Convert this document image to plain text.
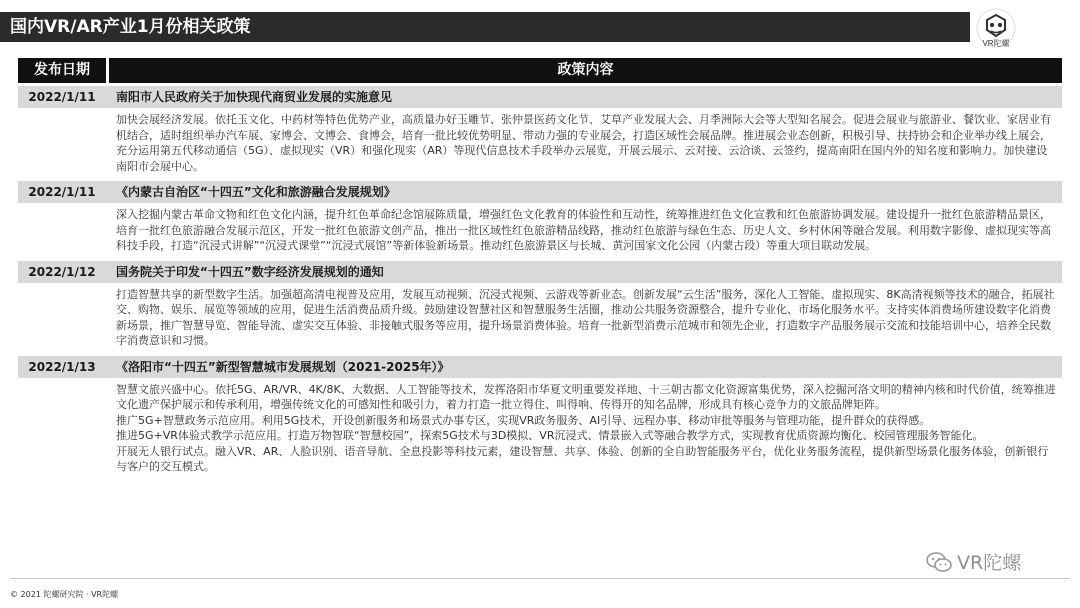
国内VR/AR产业1月份相关政策
VR陀螺
发布日期	政策内容
2022/1/11	南阳市人民政府关于加快现代商贸业发展的实施意见

加快会展经济发展。依托玉文化、中药材等特色优势产业，高质量办好玉雕节、张仲景医药文化节、艾草产业发展大会、月季洲际大会等大型知名展会。促进会展业与旅游业、餐饮业、家居业有机结合，适时组织举办汽车展、家博会、文博会、食博会，培育一批比较优势明显、带动力强的专业展会，打造区域性会展品牌。推进展会业态创新，积极引导、扶持协会和企业举办线上展会，充分运用第五代移动通信（5G）、虚拟现实（VR）和强化现实（AR）等现代信息技术手段举办云展览，开展云展示、云对接、云洽谈、云签约，提高南阳在国内外的知名度和影响力。加快建设南阳市会展中心。

2022/1/11	《内蒙古自治区“十四五”文化和旅游融合发展规划》

深入挖掘内蒙古革命文物和红色文化内涵，提升红色革命纪念馆展陈质量，增强红色文化教育的体验性和互动性，统筹推进红色文化宣教和红色旅游协调发展。建设提升一批红色旅游精品景区，培育一批红色旅游融合发展示范区，开发一批红色旅游文创产品，推出一批区域性红色旅游精品线路，推动红色旅游与绿色生态、历史人文、乡村休闲等融合发展。利用数字影像、虚拟现实等高科技手段，打造“沉浸式讲解”“沉浸式课堂”“沉浸式展馆”等新体验新场景。推动红色旅游景区与长城、黄河国家文化公园（内蒙古段）等重大项目联动发展。

2022/1/12	国务院关于印发“十四五”数字经济发展规划的通知

打造智慧共享的新型数字生活。加强超高清电视普及应用，发展互动视频、沉浸式视频、云游戏等新业态。创新发展“云生活”服务，深化人工智能、虚拟现实、8K高清视频等技术的融合，拓展社交、购物、娱乐、展览等领域的应用，促进生活消费品质升级。鼓励建设智慧社区和智慧服务生活圈，推动公共服务资源整合，提升专业化、市场化服务水平。支持实体消费场所建设数字化消费新场景，推广智慧导览、智能导流、虚实交互体验、非接触式服务等应用，提升场景消费体验。培育一批新型消费示范城市和领先企业，打造数字产品服务展示交流和技能培训中心，培养全民数字消费意识和习惯。

2022/1/13	《洛阳市“十四五”新型智慧城市发展规划（2021-2025年）》

智慧文旅兴盛中心。依托5G、AR/VR、4K/8K、大数据、人工智能等技术，发挥洛阳市华夏文明重要发祥地、十三朝古都文化资源富集优势，深入挖掘河洛文明的精神内核和时代价值，统筹推进文化遗产保护展示和传承利用，增强传统文化的可感知性和吸引力，着力打造一批立得住、叫得响、传得开的知名品牌，形成具有核心竞争力的文旅品牌矩阵。

推广5G+智慧政务示范应用。利用5G技术，开设创新服务和场景式办事专区，实现VR政务服务、AI引导、远程办事、移动审批等服务与管理功能，提升群众的获得感。

推进5G+VR体验式教学示范应用。打造万物智联“智慧校园”，探索5G技术与3D模拟、VR沉浸式、情景嵌入式等融合教学方式，实现教育优质资源均衡化、校园管理服务智能化。

开展无人银行试点。融入VR、AR、人脸识别、语音导航、全息投影等科技元素，建设智慧、共享、体验、创新的全自助智能服务平台，优化业务服务流程，提供新型场景化服务体验，创新银行与客户的交互模式。

© 2021 陀螺研究院 · VR陀螺
VR陀螺
